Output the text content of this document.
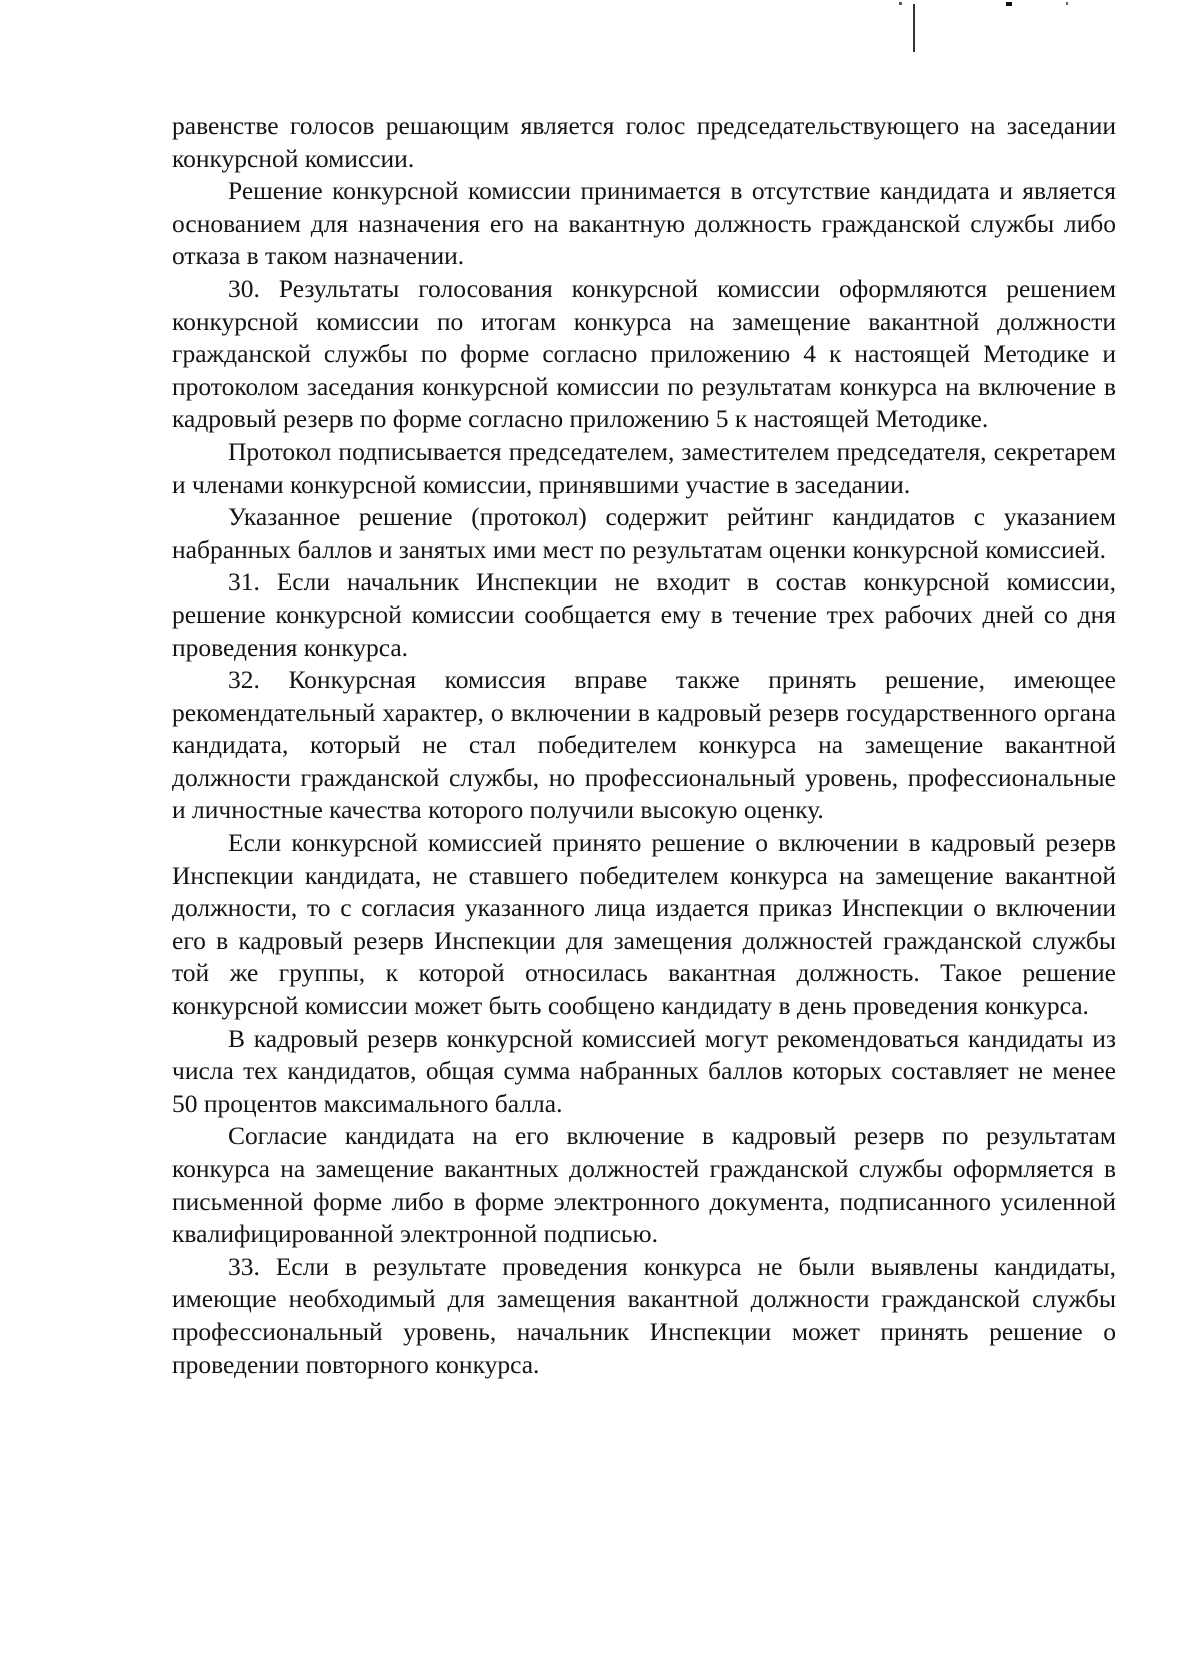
равенстве голосов решающим является голос председательствующего на заседании конкурсной комиссии.

Решение конкурсной комиссии принимается в отсутствие кандидата и является основанием для назначения его на вакантную должность гражданской службы либо отказа в таком назначении.

30. Результаты голосования конкурсной комиссии оформляются решением конкурсной комиссии по итогам конкурса на замещение вакантной должности гражданской службы по форме согласно приложению 4 к настоящей Методике и протоколом заседания конкурсной комиссии по результатам конкурса на включение в кадровый резерв по форме согласно приложению 5 к настоящей Методике.

Протокол подписывается председателем, заместителем председателя, секретарем и членами конкурсной комиссии, принявшими участие в заседании.

Указанное решение (протокол) содержит рейтинг кандидатов с указанием набранных баллов и занятых ими мест по результатам оценки конкурсной комиссией.

31. Если начальник Инспекции не входит в состав конкурсной комиссии, решение конкурсной комиссии сообщается ему в течение трех рабочих дней со дня проведения конкурса.

32. Конкурсная комиссия вправе также принять решение, имеющее рекомендательный характер, о включении в кадровый резерв государственного органа кандидата, который не стал победителем конкурса на замещение вакантной должности гражданской службы, но профессиональный уровень, профессиональные и личностные качества которого получили высокую оценку.

Если конкурсной комиссией принято решение о включении в кадровый резерв Инспекции кандидата, не ставшего победителем конкурса на замещение вакантной должности, то с согласия указанного лица издается приказ Инспекции о включении его в кадровый резерв Инспекции для замещения должностей гражданской службы той же группы, к которой относилась вакантная должность. Такое решение конкурсной комиссии может быть сообщено кандидату в день проведения конкурса.

В кадровый резерв конкурсной комиссией могут рекомендоваться кандидаты из числа тех кандидатов, общая сумма набранных баллов которых составляет не менее 50 процентов максимального балла.

Согласие кандидата на его включение в кадровый резерв по результатам конкурса на замещение вакантных должностей гражданской службы оформляется в письменной форме либо в форме электронного документа, подписанного усиленной квалифицированной электронной подписью.

33. Если в результате проведения конкурса не были выявлены кандидаты, имеющие необходимый для замещения вакантной должности гражданской службы профессиональный уровень, начальник Инспекции может принять решение о проведении повторного конкурса.
